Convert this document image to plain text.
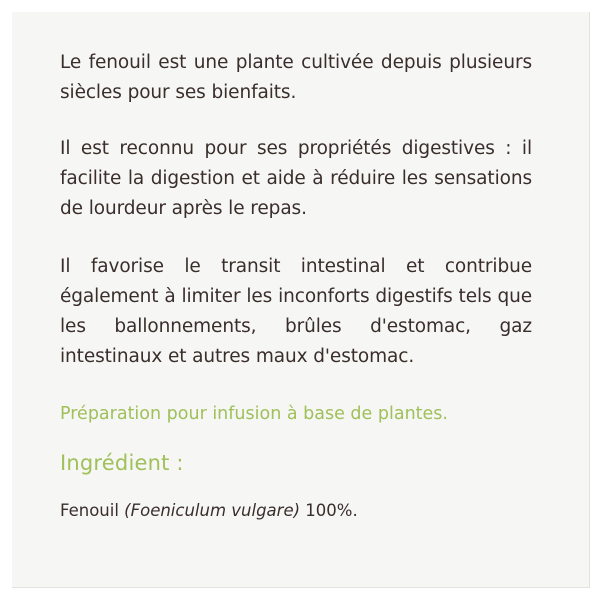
Le fenouil est une plante cultivée depuis plusieurs siècles pour ses bienfaits.

Il est reconnu pour ses propriétés digestives : il facilite la digestion et aide à réduire les sensations de lourdeur après le repas.

Il favorise le transit intestinal et contribue également à limiter les inconforts digestifs tels que les ballonnements, brûles d'estomac, gaz intestinaux et autres maux d'estomac.

Préparation pour infusion à base de plantes.

Ingrédient :

Fenouil (Foeniculum vulgare) 100%.
